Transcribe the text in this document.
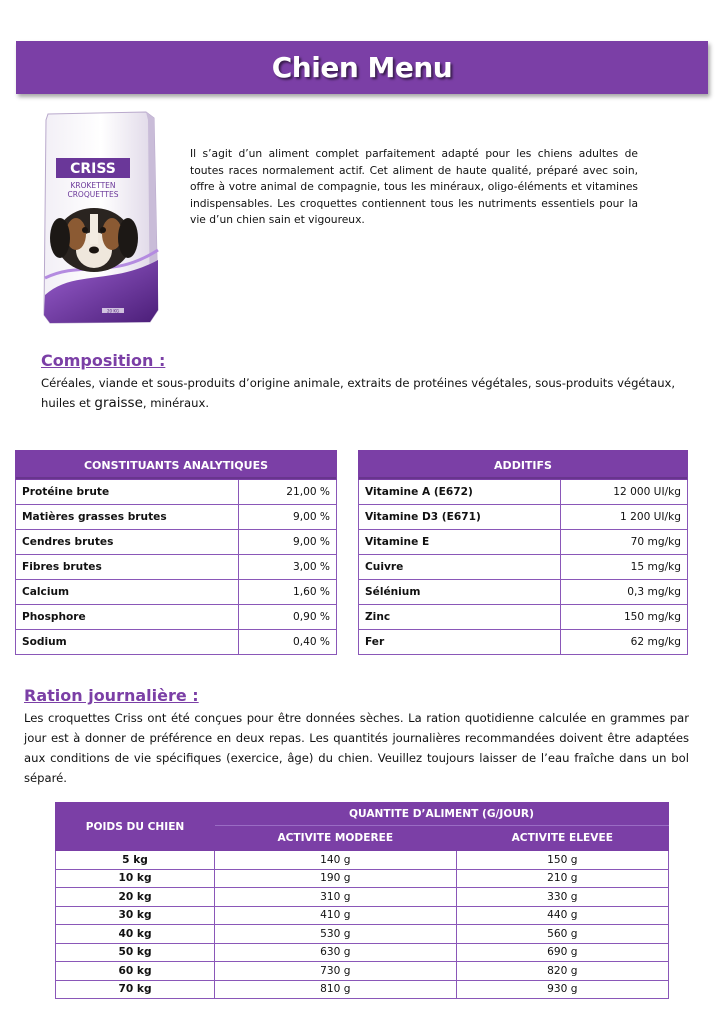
Chien Menu
CRISS
KROKETTEN
CROQUETTES
20 KG

Il s’agit d’un aliment complet parfaitement adapté pour les chiens adultes de toutes races normalement actif. Cet aliment de haute qualité, préparé avec soin, offre à votre animal de compagnie, tous les minéraux, oligo-éléments et vitamines indispensables. Les croquettes contiennent tous les nutriments essentiels pour la vie d’un chien sain et vigoureux.

Composition :

Céréales, viande et sous-produits d’origine animale, extraits de protéines végétales, sous-produits végétaux, huiles et graisse, minéraux.

CONSTITUANTS ANALYTIQUES	
Protéine brute	21,00 %
Matières grasses brutes	9,00 %
Cendres brutes	9,00 %
Fibres brutes	3,00 %
Calcium	1,60 %
Phosphore	0,90 %
Sodium	0,40 %
ADDITIFS	
Vitamine A (E672)	12 000 UI/kg
Vitamine D3 (E671)	1 200 UI/kg
Vitamine E	70 mg/kg
Cuivre	15 mg/kg
Sélénium	0,3 mg/kg
Zinc	150 mg/kg
Fer	62 mg/kg
Ration journalière :

Les croquettes Criss ont été conçues pour être données sèches. La ration quotidienne calculée en grammes par jour est à donner de préférence en deux repas. Les quantités journalières recommandées doivent être adaptées aux conditions de vie spécifiques (exercice, âge) du chien. Veuillez toujours laisser de l’eau fraîche dans un bol séparé.

POIDS DU CHIEN	QUANTITE D’ALIMENT (G/JOUR)	
	ACTIVITE MODEREE	ACTIVITE ELEVEE
5 kg	140 g	150 g
10 kg	190 g	210 g
20 kg	310 g	330 g
30 kg	410 g	440 g
40 kg	530 g	560 g
50 kg	630 g	690 g
60 kg	730 g	820 g
70 kg	810 g	930 g
